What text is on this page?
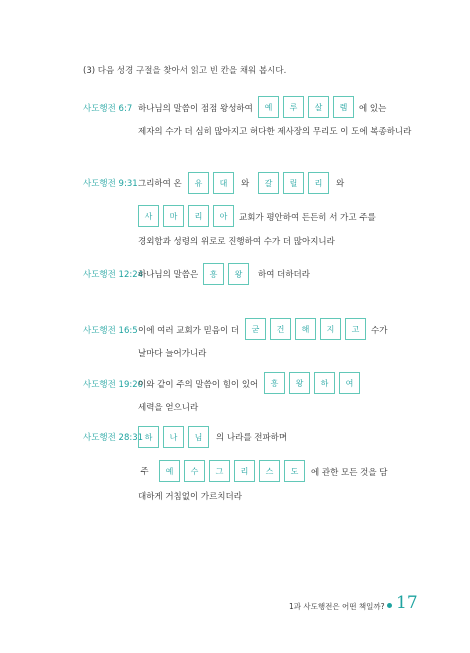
(3) 다음 성경 구절을 찾아서 읽고 빈 칸을 채워 봅시다.
사도행전 6:7 하나님의 말씀이 점점 왕성하여	예	루	살	렘	에 있는
제자의 수가 더 심히 많아지고 허다한 제사장의 무리도 이 도에 복종하니라
사도행전 9:31 그리하여 온	유	대	와	갈	릴	리	와
사	마	리	아	교회가 평안하여 든든히 서 가고 주를
경외함과 성령의 위로로 진행하여 수가 더 많아지니라
사도행전 12:24
하나님의 말씀은	흥	왕	하여 더하더라
사도행전 16:5 이에 여러 교회가 믿음이 더	굳	건	해	지	고	수가
날마다 늘어가니라
사도행전 19:20
이와 같이 주의 말씀이 힘이 있어	흥	왕	하	여
세력을 얻으니라
사도행전 28:31 하	나	님	의 나라를 전파하며
주	예	수	그	리	스	도	에 관한 모든 것을 담
대하게 거침없이 가르치더라
1과 사도행전은 어떤 책일까? 17
